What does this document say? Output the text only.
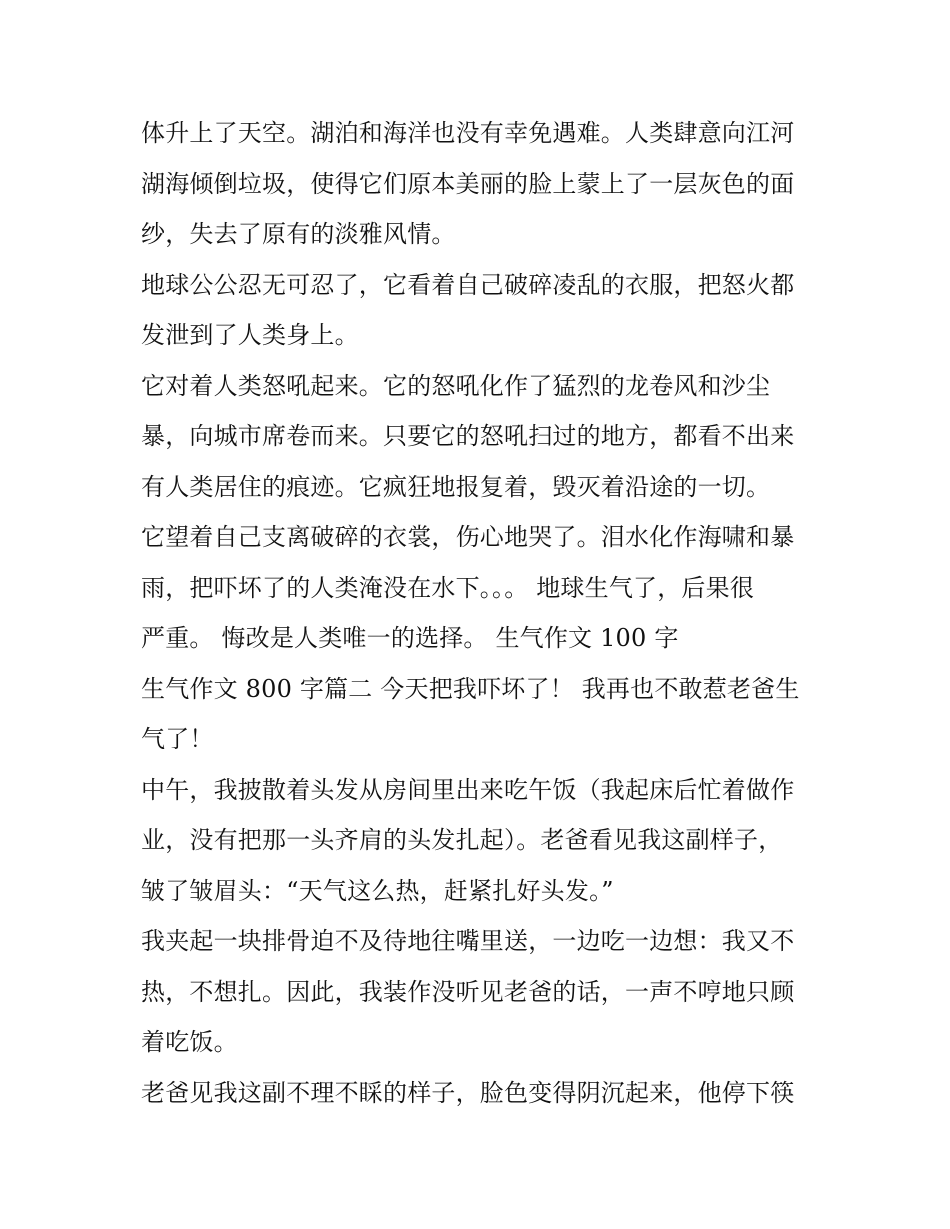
体升上了天空。湖泊和海洋也没有幸免遇难。人类肆意向江河
湖海倾倒垃圾，使得它们原本美丽的脸上蒙上了一层灰色的面
纱，失去了原有的淡雅风情。

地球公公忍无可忍了，它看着自己破碎凌乱的衣服，把怒火都
发泄到了人类身上。

它对着人类怒吼起来。它的怒吼化作了猛烈的龙卷风和沙尘
暴，向城市席卷而来。只要它的怒吼扫过的地方，都看不出来
有人类居住的痕迹。它疯狂地报复着，毁灭着沿途的一切。

它望着自己支离破碎的衣裳，伤心地哭了。泪水化作海啸和暴
雨，把吓坏了的人类淹没在水下。。。 地球生气了，后果很
严重。 悔改是人类唯一的选择。 生气作文 100 字

生气作文 800 字篇二 今天把我吓坏了！ 我再也不敢惹老爸生
气了！

中午，我披散着头发从房间里出来吃午饭（我起床后忙着做作
业，没有把那一头齐肩的头发扎起）。老爸看见我这副样子，
皱了皱眉头：“天气这么热，赶紧扎好头发。”

我夹起一块排骨迫不及待地往嘴里送，一边吃一边想：我又不
热，不想扎。因此，我装作没听见老爸的话，一声不哼地只顾
着吃饭。

老爸见我这副不理不睬的样子，脸色变得阴沉起来，他停下筷
